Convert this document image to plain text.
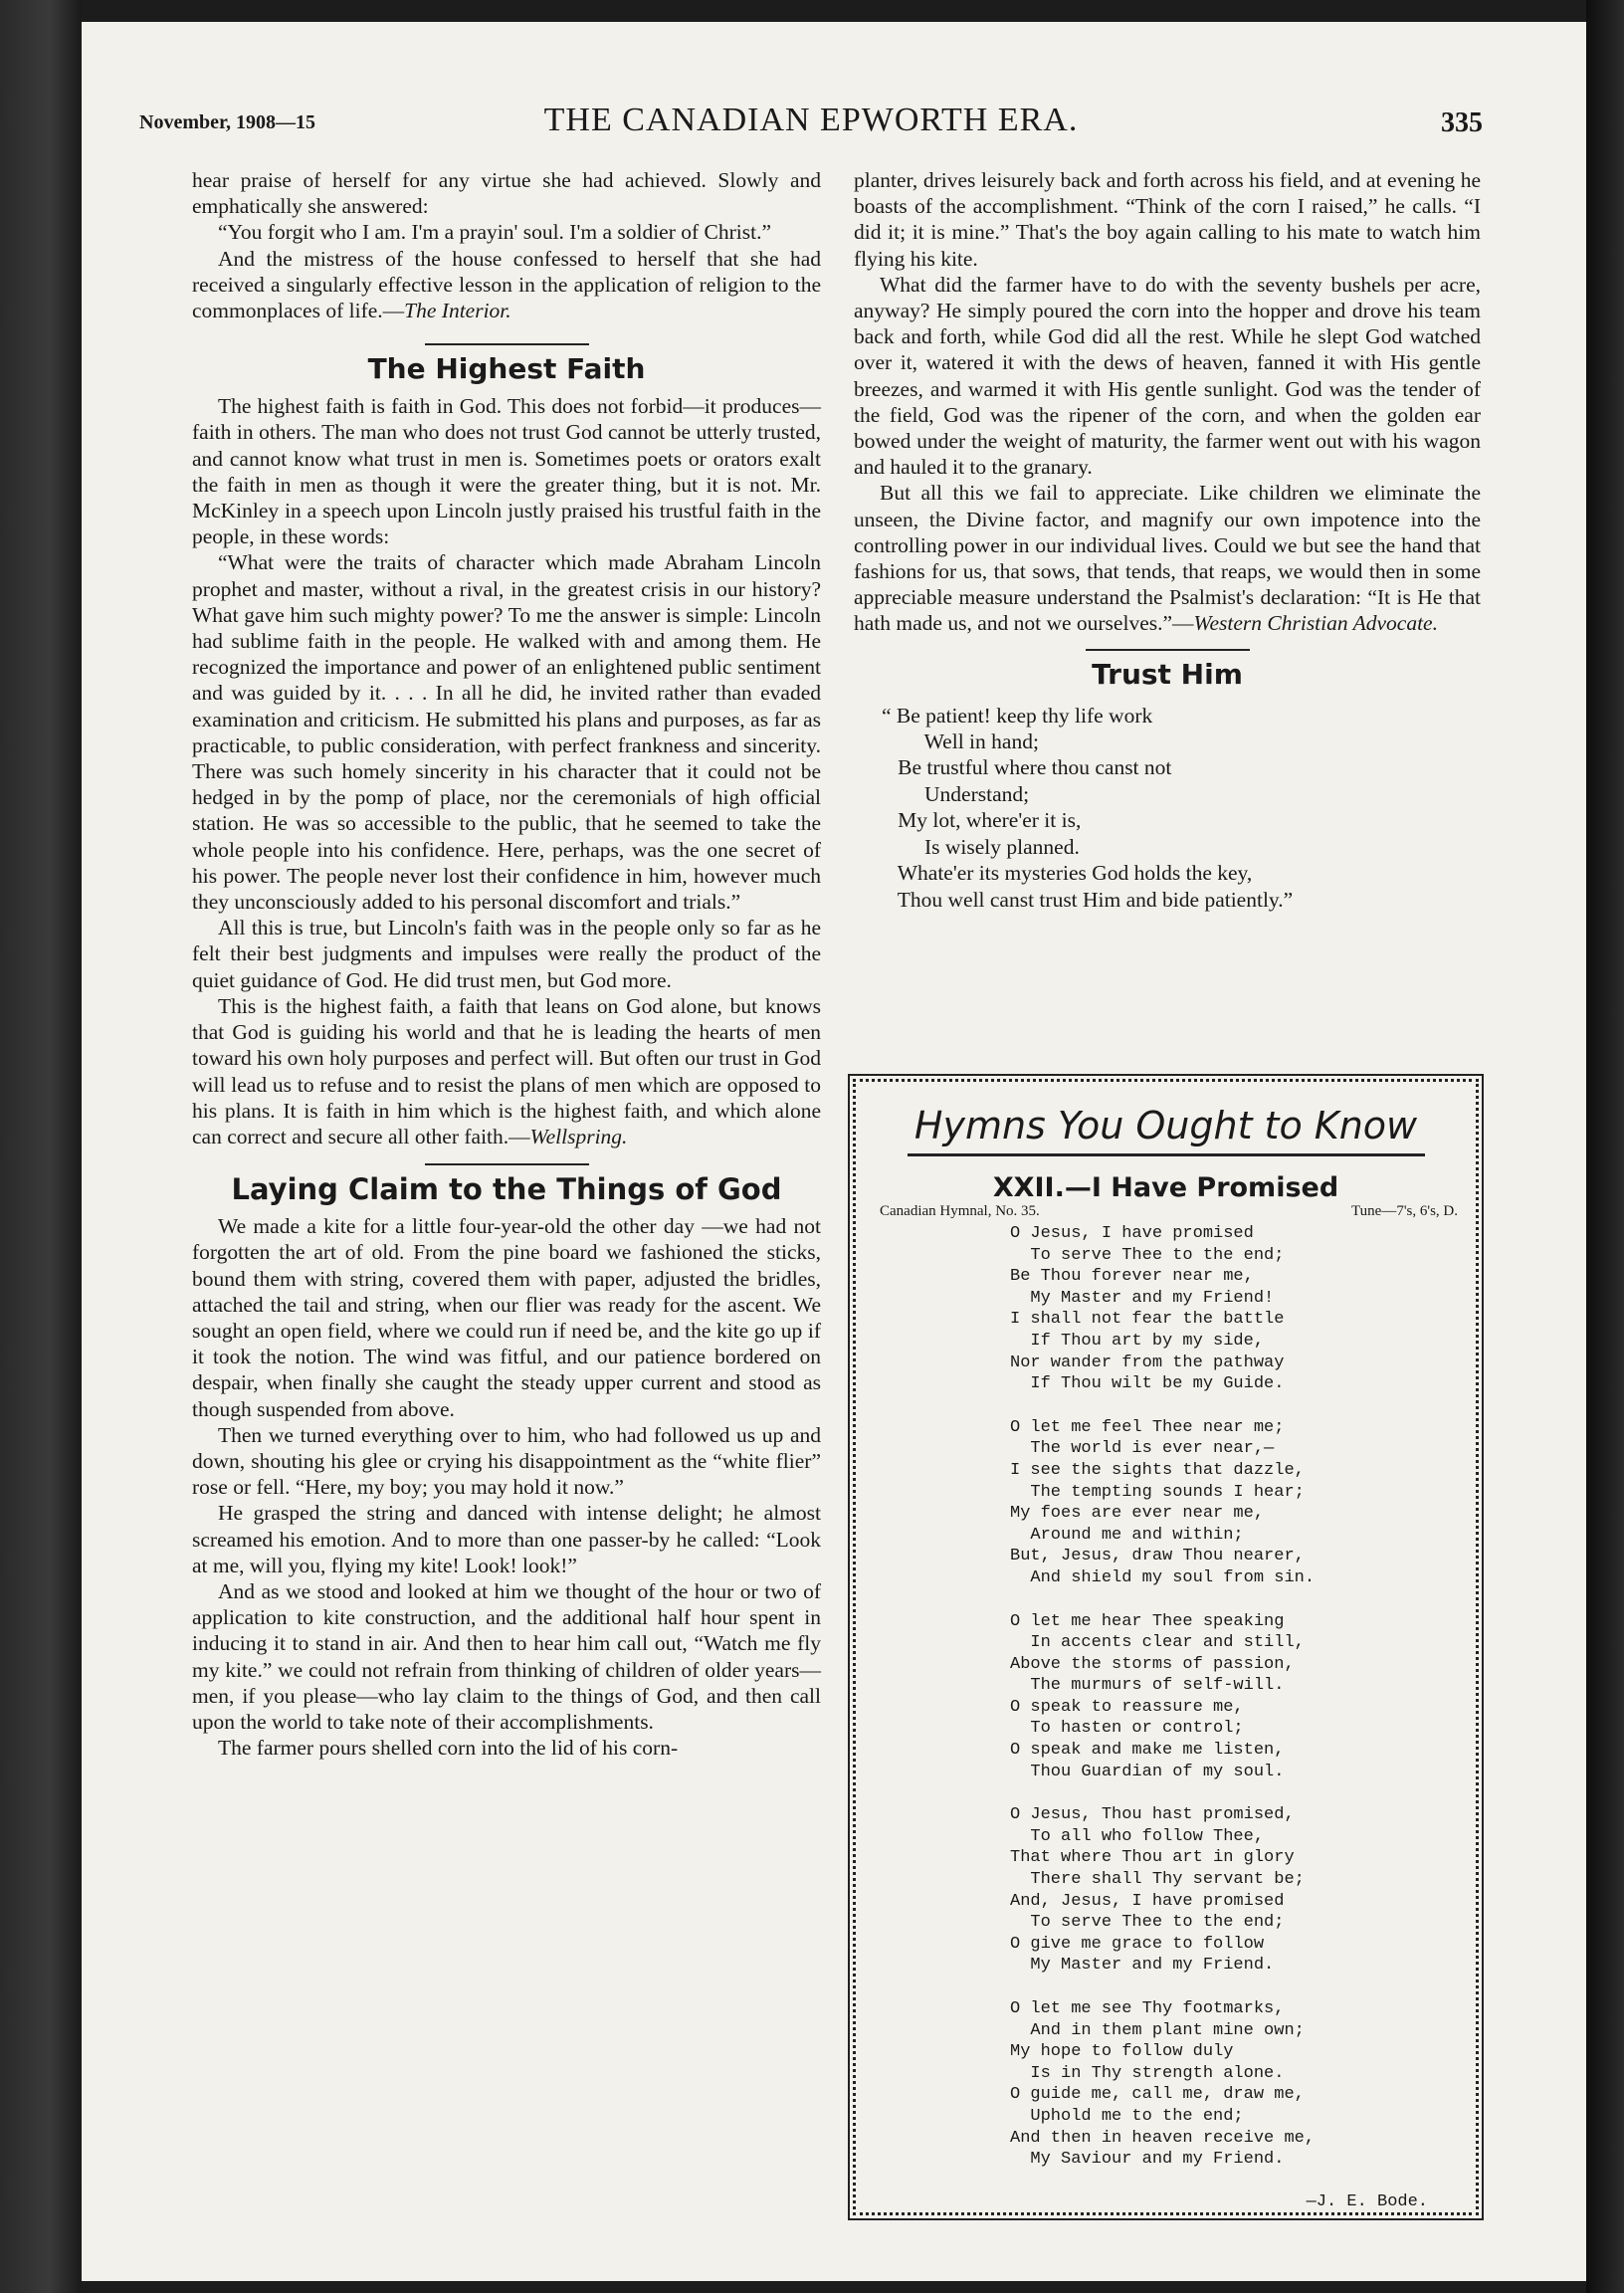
November, 1908—15	THE CANADIAN EPWORTH ERA.	335

hear praise of herself for any virtue she had achieved. Slowly and emphatically she answered:

“You forgit who I am. I'm a prayin' soul. I'm a soldier of Christ.”

And the mistress of the house confessed to herself that she had received a singularly effective lesson in the application of religion to the commonplaces of life.—The Interior.

The Highest Faith

The highest faith is faith in God. This does not forbid—it produces—faith in others. The man who does not trust God cannot be utterly trusted, and cannot know what trust in men is. Sometimes poets or orators exalt the faith in men as though it were the greater thing, but it is not. Mr. McKinley in a speech upon Lincoln justly praised his trustful faith in the people, in these words:

“What were the traits of character which made Abraham Lincoln prophet and master, without a rival, in the greatest crisis in our history? What gave him such mighty power? To me the answer is simple: Lincoln had sublime faith in the people. He walked with and among them. He recognized the importance and power of an enlightened public sentiment and was guided by it. . . . In all he did, he invited rather than evaded examination and criticism. He submitted his plans and purposes, as far as practicable, to public consideration, with perfect frankness and sincerity. There was such homely sincerity in his character that it could not be hedged in by the pomp of place, nor the ceremonials of high official station. He was so accessible to the public, that he seemed to take the whole people into his confidence. Here, perhaps, was the one secret of his power. The people never lost their confidence in him, however much they unconsciously added to his personal discomfort and trials.”

All this is true, but Lincoln's faith was in the people only so far as he felt their best judgments and impulses were really the product of the quiet guidance of God. He did trust men, but God more.

This is the highest faith, a faith that leans on God alone, but knows that God is guiding his world and that he is leading the hearts of men toward his own holy purposes and perfect will. But often our trust in God will lead us to refuse and to resist the plans of men which are opposed to his plans. It is faith in him which is the highest faith, and which alone can correct and secure all other faith.—Wellspring.

Laying Claim to the Things of God

We made a kite for a little four-year-old the other day —we had not forgotten the art of old. From the pine board we fashioned the sticks, bound them with string, covered them with paper, adjusted the bridles, attached the tail and string, when our flier was ready for the ascent. We sought an open field, where we could run if need be, and the kite go up if it took the notion. The wind was fitful, and our patience bordered on despair, when finally she caught the steady upper current and stood as though suspended from above.

Then we turned everything over to him, who had followed us up and down, shouting his glee or crying his disappointment as the “white flier” rose or fell. “Here, my boy; you may hold it now.”

He grasped the string and danced with intense delight; he almost screamed his emotion. And to more than one passer-by he called: “Look at me, will you, flying my kite! Look! look!”

And as we stood and looked at him we thought of the hour or two of application to kite construction, and the additional half hour spent in inducing it to stand in air. And then to hear him call out, “Watch me fly my kite.” we could not refrain from thinking of children of older years—men, if you please—who lay claim to the things of God, and then call upon the world to take note of their accomplishments.

The farmer pours shelled corn into the lid of his corn-

planter, drives leisurely back and forth across his field, and at evening he boasts of the accomplishment. “Think of the corn I raised,” he calls. “I did it; it is mine.” That's the boy again calling to his mate to watch him flying his kite.

What did the farmer have to do with the seventy bushels per acre, anyway? He simply poured the corn into the hopper and drove his team back and forth, while God did all the rest. While he slept God watched over it, watered it with the dews of heaven, fanned it with His gentle breezes, and warmed it with His gentle sunlight. God was the tender of the field, God was the ripener of the corn, and when the golden ear bowed under the weight of maturity, the farmer went out with his wagon and hauled it to the granary.

But all this we fail to appreciate. Like children we eliminate the unseen, the Divine factor, and magnify our own impotence into the controlling power in our individual lives. Could we but see the hand that fashions for us, that sows, that tends, that reaps, we would then in some appreciable measure understand the Psalmist's declaration: “It is He that hath made us, and not we ourselves.”—Western Christian Advocate.

Trust Him
“ Be patient! keep thy life work
Well in hand;
Be trustful where thou canst not
Understand;
My lot, where'er it is,
Is wisely planned.
Whate'er its mysteries God holds the key,
Thou well canst trust Him and bide patiently.”
Hymns You Ought to Know
XXII.—I Have Promised
Canadian Hymnal, No. 35.	Tune—7's, 6's, D.
O Jesus, I have promised
To serve Thee to the end;
Be Thou forever near me,
My Master and my Friend!
I shall not fear the battle
If Thou art by my side,
Nor wander from the pathway
If Thou wilt be my Guide.
O let me feel Thee near me;
The world is ever near,—
I see the sights that dazzle,
The tempting sounds I hear;
My foes are ever near me,
Around me and within;
But, Jesus, draw Thou nearer,
And shield my soul from sin.
O let me hear Thee speaking
In accents clear and still,
Above the storms of passion,
The murmurs of self-will.
O speak to reassure me,
To hasten or control;
O speak and make me listen,
Thou Guardian of my soul.
O Jesus, Thou hast promised,
To all who follow Thee,
That where Thou art in glory
There shall Thy servant be;
And, Jesus, I have promised
To serve Thee to the end;
O give me grace to follow
My Master and my Friend.
O let me see Thy footmarks,
And in them plant mine own;
My hope to follow duly
Is in Thy strength alone.
O guide me, call me, draw me,
Uphold me to the end;
And then in heaven receive me,
My Saviour and my Friend.
—J. E. Bode.
